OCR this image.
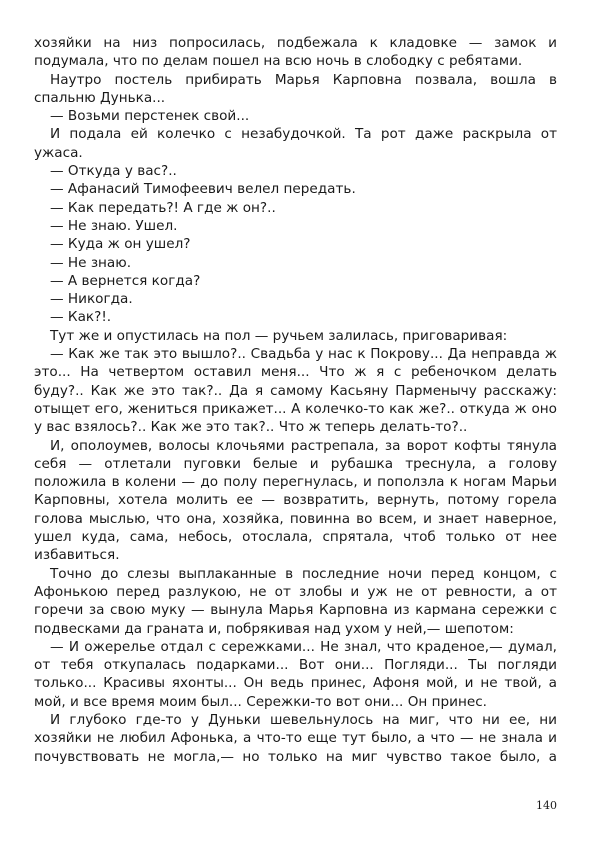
хозяйки на низ попросилась, подбежала к кладовке — замок и подумала, что по делам пошел на всю ночь в слободку с ребятами.

Наутро постель прибирать Марья Карповна позвала, вошла в спальню Дунька...

— Возьми перстенек свой...

И подала ей колечко с незабудочкой. Та рот даже раскрыла от ужаса.

— Откуда у вас?..

— Афанасий Тимофеевич велел передать.

— Как передать?! А где ж он?..

— Не знаю. Ушел.

— Куда ж он ушел?

— Не знаю.

— А вернется когда?

— Никогда.

— Как?!.

Тут же и опустилась на пол — ручьем залилась, приговаривая:

— Как же так это вышло?.. Свадьба у нас к Покрову... Да неправда ж это... На четвертом оставил меня... Что ж я с ребеночком делать буду?.. Как же это так?.. Да я самому Касьяну Парменычу расскажу: отыщет его, жениться прикажет... А колечко-то как же?.. откуда ж оно у вас взялось?.. Как же это так?.. Что ж теперь делать-то?..

И, ополоумев, волосы клочьями растрепала, за ворот кофты тянула себя — отлетали пуговки белые и рубашка треснула, а голову положила в колени — до полу перегнулась, и поползла к ногам Марьи Карповны, хотела молить ее — возвратить, вернуть, потому горела голова мыслью, что она, хозяйка, повинна во всем, и знает наверное, ушел куда, сама, небось, отослала, спрятала, чтоб только от нее избавиться.

Точно до слезы выплаканные в последние ночи перед концом, с Афонькою перед разлукою, не от злобы и уж не от ревности, а от горечи за свою муку — вынула Марья Карповна из кармана сережки с подвесками да граната и, побрякивая над ухом у ней,— шепотом:

— И ожерелье отдал с сережками... Не знал, что краденое,— думал, от тебя откупалась подарками... Вот они... Погляди... Ты погляди только... Красивы яхонты... Он ведь принес, Афоня мой, и не твой, а мой, и все время моим был... Сережки-то вот они... Он принес.

И глубоко где-то у Дуньки шевельнулось на миг, что ни ее, ни хозяйки не любил Афонька, а что-то еще тут было, а что — не знала и почувствовать не могла,— но только на миг чувство такое было, а

140
